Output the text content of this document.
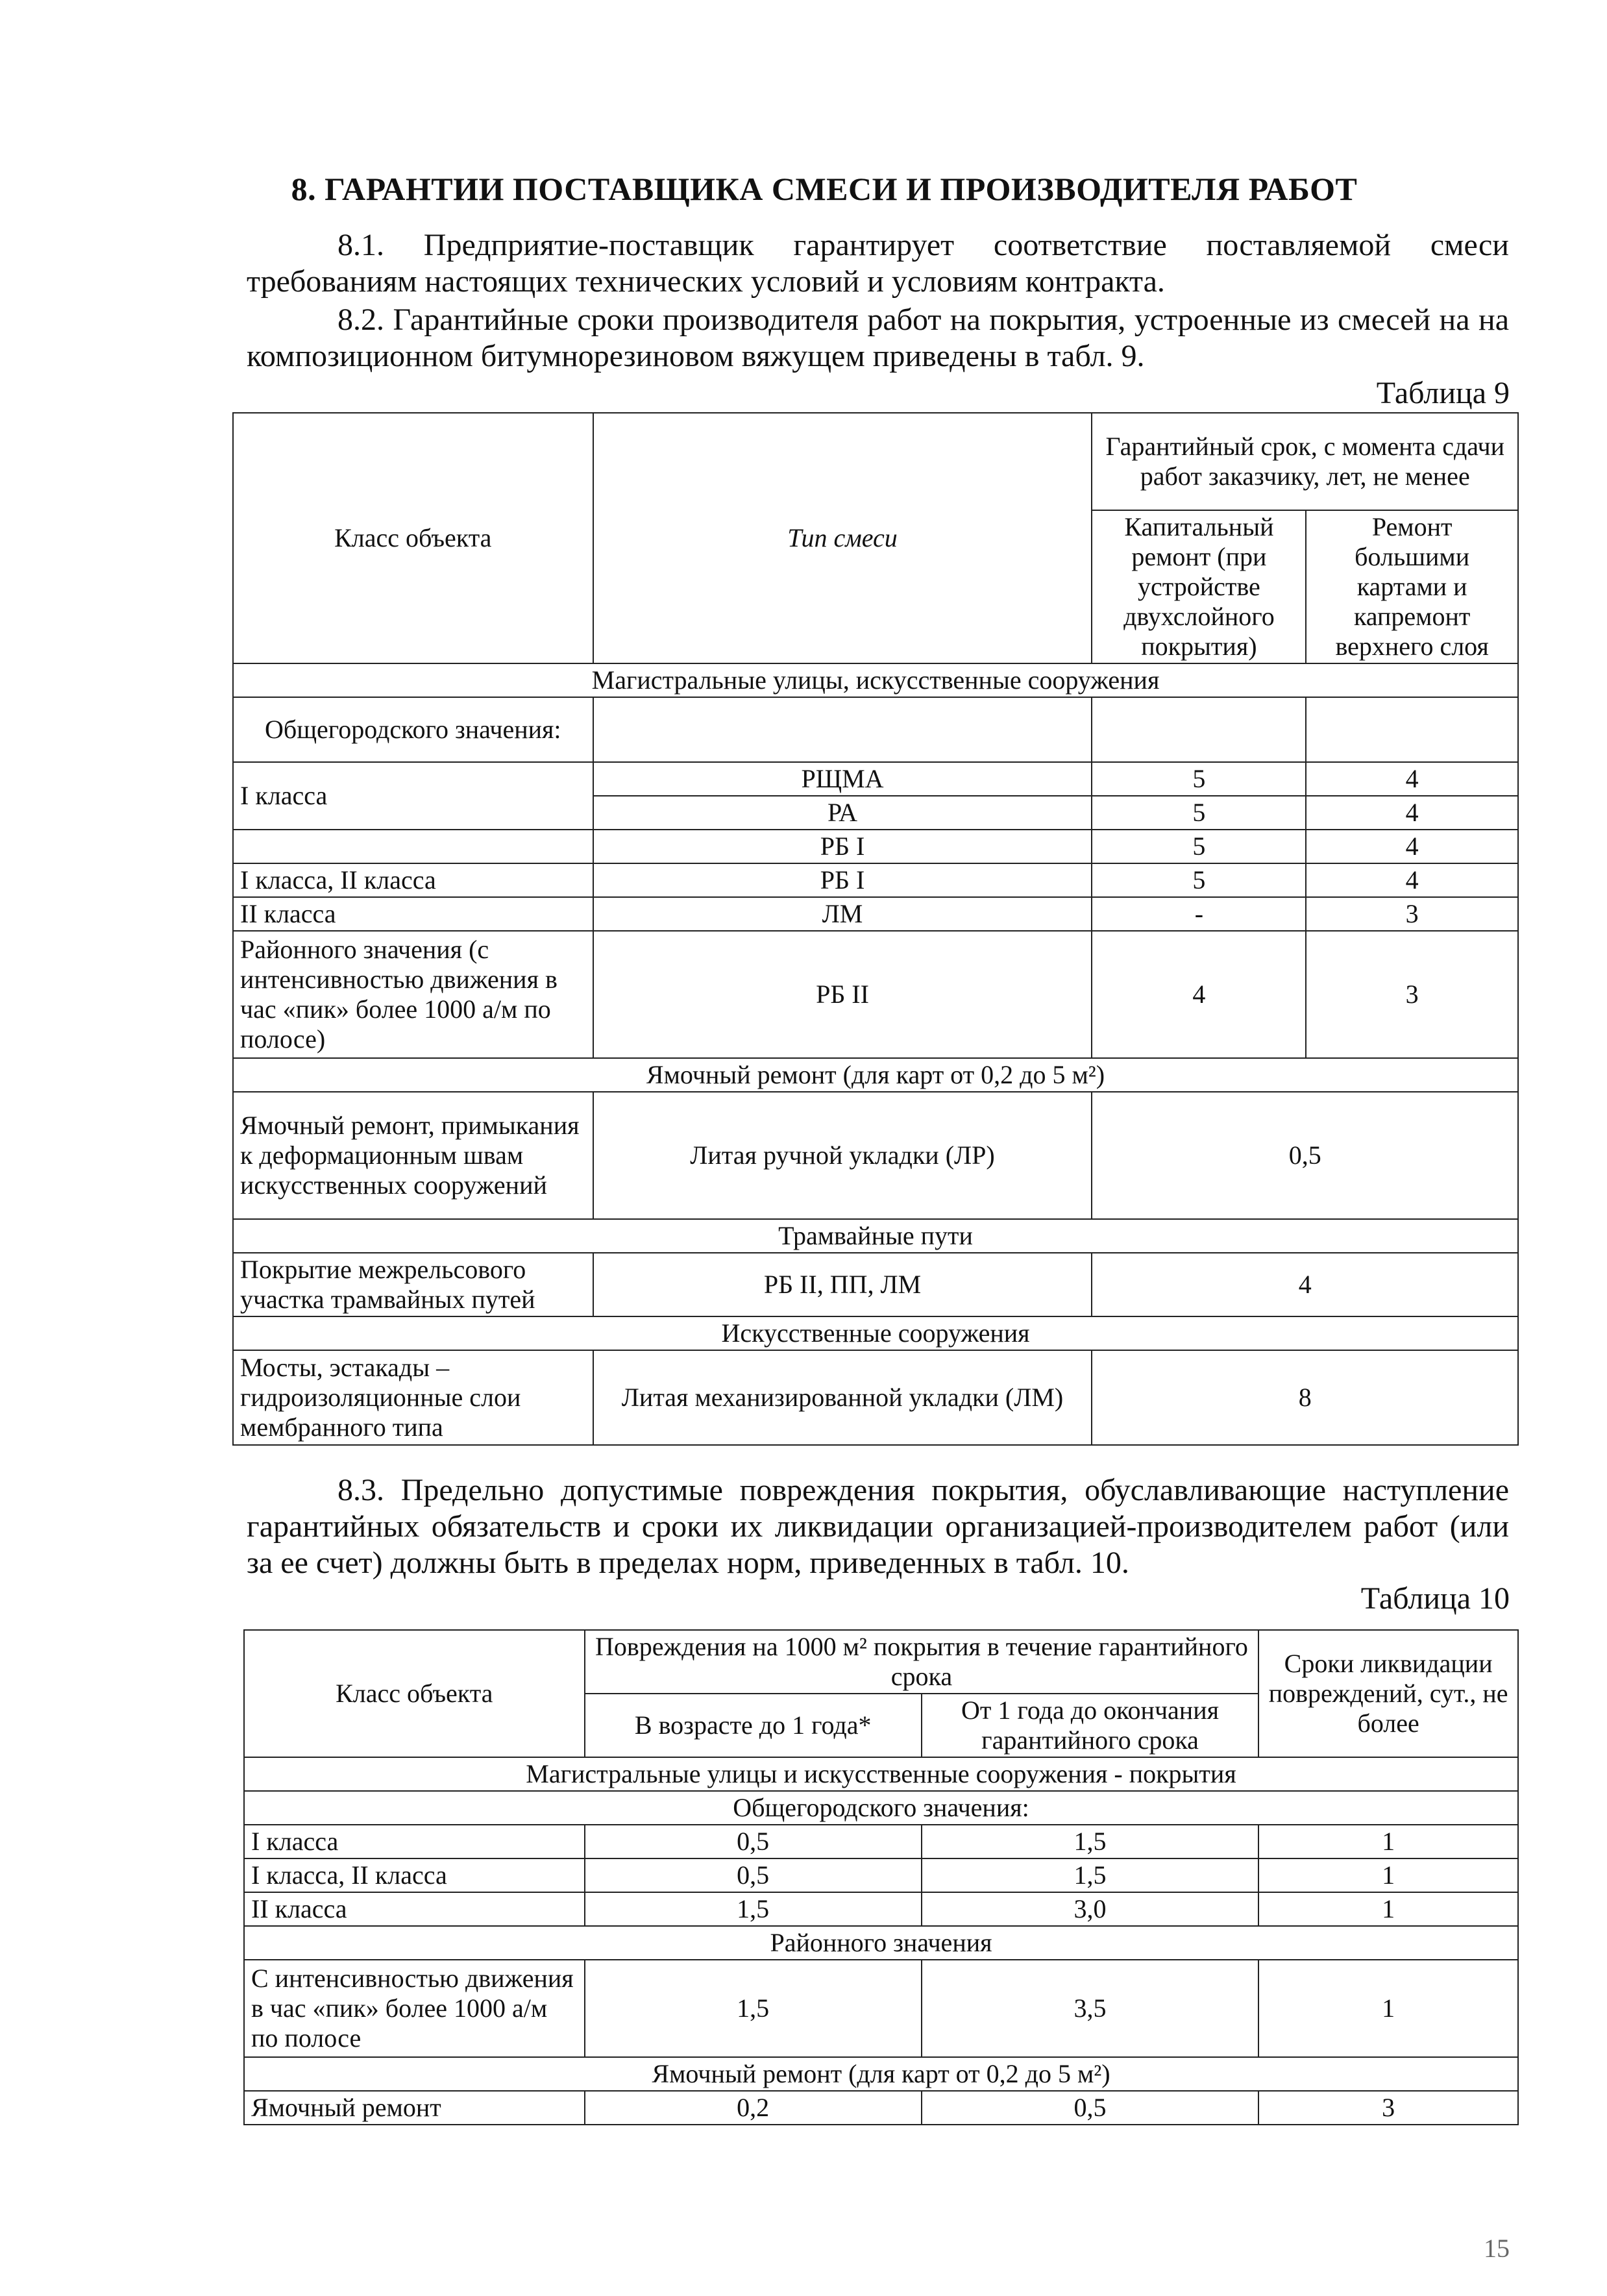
8. ГАРАНТИИ ПОСТАВЩИКА СМЕСИ И ПРОИЗВОДИТЕЛЯ РАБОТ
8.1. Предприятие-поставщик гарантирует соответствие поставляемой смеси требованиям настоящих технических условий и условиям контракта.
8.2. Гарантийные сроки производителя работ на покрытия, устроенные из смесей на на композиционном битумнорезиновом вяжущем приведены в табл. 9.
Таблица 9
Класс объекта	Тип смеси	Гарантийный срок, с момента сдачи работ заказчику, лет, не менее	
		Капитальный ремонт (при устройстве двухслойного покрытия)	Ремонт большими картами и капремонт верхнего слоя
Магистральные улицы, искусственные сооружения			
Общегородского значения:			
I класса	РЩМА	5	4
	РА	5	4
	РБ I	5	4
I класса, II класса	РБ I	5	4
II класса	ЛМ	-	3
Районного значения (с интенсивностью движения в час «пик» более 1000 а/м по полосе)	РБ II	4	3
Ямочный ремонт (для карт от 0,2 до 5 м²)			
Ямочный ремонт, примыкания к деформационным швам искусственных сооружений	Литая ручной укладки (ЛР)	0,5	
Трамвайные пути			
Покрытие межрельсового участка трамвайных путей	РБ II, ПП, ЛМ	4	
Искусственные сооружения			
Мосты, эстакады – гидроизоляционные слои мембранного типа	Литая механизированной укладки (ЛМ)	8	
8.3. Предельно допустимые повреждения покрытия, обуславливающие наступление гарантийных обязательств и сроки их ликвидации организацией-производителем работ (или за ее счет) должны быть в пределах норм, приведенных в табл. 10.
Таблица 10
Класс объекта	Повреждения на 1000 м² покрытия в течение гарантийного срока		Сроки ликвидации повреждений, сут., не более
	В возрасте до 1 года*	От 1 года до окончания гарантийного срока	
Магистральные улицы и искусственные сооружения - покрытия			
Общегородского значения:			
I класса	0,5	1,5	1
I класса, II класса	0,5	1,5	1
II класса	1,5	3,0	1
Районного значения			
С интенсивностью движения в час «пик» более 1000 а/м по полосе	1,5	3,5	1
Ямочный ремонт (для карт от 0,2 до 5 м²)			
Ямочный ремонт	0,2	0,5	3
15
